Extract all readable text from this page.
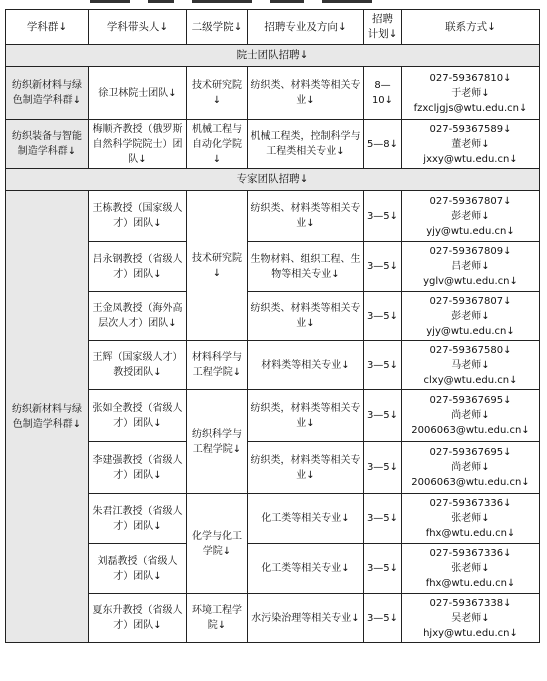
学科群↓	学科带头人↓	二级学院↓	招聘专业及方向↓	招聘
计划↓	联系方式↓
院士团队招聘↓					
纺织新材料与绿色制造学科群↓	徐卫林院士团队↓	技术研究院↓	纺织类、材料类等相关专业↓	8—10↓	027-59367810↓
于老师↓
fzxcljgjs@wtu.edu.cn↓

纺织装备与智能制造学科群↓	梅顺齐教授（俄罗斯自然科学院院士）团队↓	机械工程与自动化学院↓	机械工程类，控制科学与工程类相关专业↓	5—8↓	027-59367589↓
董老师↓
jxxy@wtu.edu.cn↓

专家团队招聘↓					
纺织新材料与绿色制造学科群↓	王栋教授（国家级人才）团队↓	技术研究院↓	纺织类、材料类等相关专业↓	3—5↓	027-59367807↓
彭老师↓
yjy@wtu.edu.cn↓

	吕永钢教授（省级人才）团队↓		生物材料、组织工程、生物等相关专业↓	3—5↓	027-59367809↓
吕老师↓
yglv@wtu.edu.cn↓

	王金凤教授（海外高层次人才）团队↓		纺织类、材料类等相关专业↓	3—5↓	027-59367807↓
彭老师↓
yjy@wtu.edu.cn↓

	王辉（国家级人才）教授团队↓	材料科学与工程学院↓	材料类等相关专业↓	3—5↓	027-59367580↓
马老师↓
clxy@wtu.edu.cn↓

	张如全教授（省级人才）团队↓	纺织科学与工程学院↓	纺织类，材料类等相关专业↓	3—5↓	027-59367695↓
尚老师↓
2006063@wtu.edu.cn↓

	李建强教授（省级人才）团队↓		纺织类，材料类等相关专业↓	3—5↓	027-59367695↓
尚老师↓
2006063@wtu.edu.cn↓

	朱君江教授（省级人才）团队↓	化学与化工学院↓	化工类等相关专业↓	3—5↓	027-59367336↓
张老师↓
fhx@wtu.edu.cn↓

	刘磊教授（省级人才）团队↓		化工类等相关专业↓	3—5↓	027-59367336↓
张老师↓
fhx@wtu.edu.cn↓

	夏东升教授（省级人才）团队↓	环境工程学院↓	水污染治理等相关专业↓	3—5↓	027-59367338↓
吴老师↓
hjxy@wtu.edu.cn↓
